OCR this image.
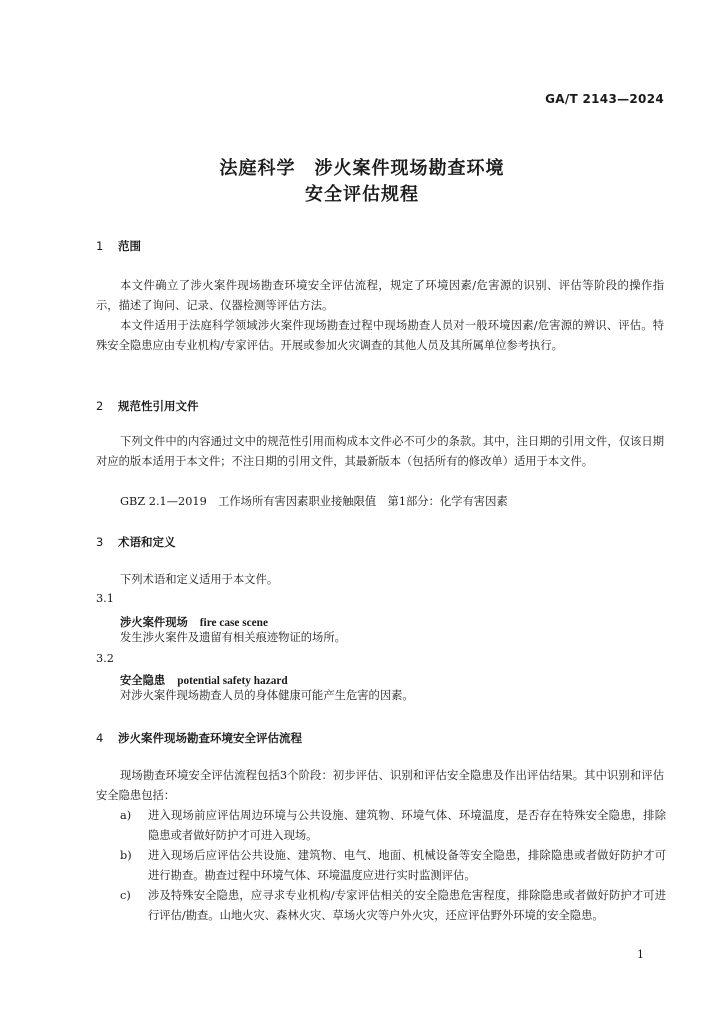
GA/T 2143—2024
法庭科学　涉火案件现场勘查环境
安全评估规程
1 范围

本文件确立了涉火案件现场勘查环境安全评估流程，规定了环境因素/危害源的识别、评估等阶段的操作指示，描述了询问、记录、仪器检测等评估方法。

本文件适用于法庭科学领域涉火案件现场勘查过程中现场勘查人员对一般环境因素/危害源的辨识、评估。特殊安全隐患应由专业机构/专家评估。开展或参加火灾调查的其他人员及其所属单位参考执行。

2 规范性引用文件

下列文件中的内容通过文中的规范性引用而构成本文件必不可少的条款。其中，注日期的引用文件，仅该日期对应的版本适用于本文件；不注日期的引用文件，其最新版本（包括所有的修改单）适用于本文件。

GBZ 2.1—2019　工作场所有害因素职业接触限值　第1部分：化学有害因素
3 术语和定义
下列术语和定义适用于本文件。
3.1
涉火案件现场 fire case scene
发生涉火案件及遗留有相关痕迹物证的场所。
3.2
安全隐患 potential safety hazard
对涉火案件现场勘查人员的身体健康可能产生危害的因素。
4 涉火案件现场勘查环境安全评估流程

现场勘查环境安全评估流程包括3个阶段：初步评估、识别和评估安全隐患及作出评估结果。其中识别和评估安全隐患包括：

a)	进入现场前应评估周边环境与公共设施、建筑物、环境气体、环境温度，是否存在特殊安全隐患，排除隐患或者做好防护才可进入现场。
b)	进入现场后应评估公共设施、建筑物、电气、地面、机械设备等安全隐患，排除隐患或者做好防护才可进行勘查。勘查过程中环境气体、环境温度应进行实时监测评估。
c)	涉及特殊安全隐患，应寻求专业机构/专家评估相关的安全隐患危害程度，排除隐患或者做好防护才可进行评估/勘查。山地火灾、森林火灾、草场火灾等户外火灾，还应评估野外环境的安全隐患。
1
